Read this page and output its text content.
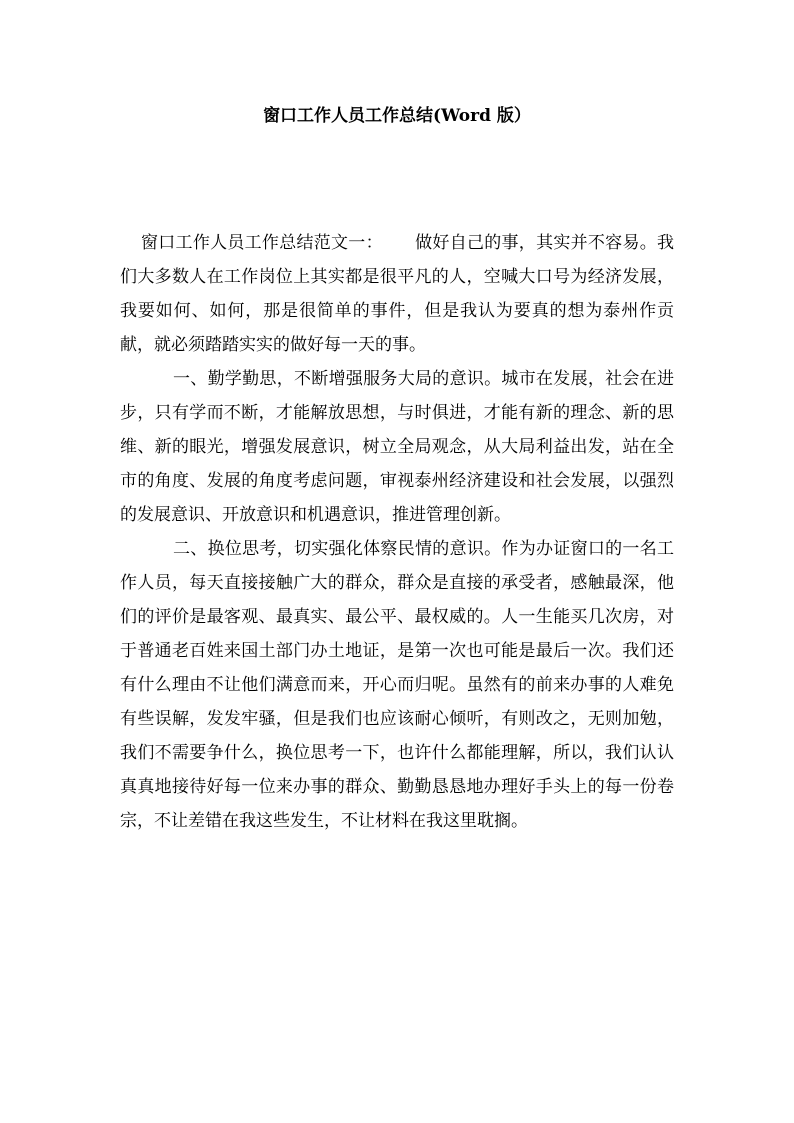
窗口工作人员工作总结(Word 版）

窗口工作人员工作总结范文一： 做好自己的事，其实并不容易。我们大多数人在工作岗位上其实都是很平凡的人，空喊大口号为经济发展，我要如何、如何，那是很简单的事件，但是我认为要真的想为泰州作贡献，就必须踏踏实实的做好每一天的事。

一、勤学勤思，不断增强服务大局的意识。城市在发展，社会在进步，只有学而不断，才能解放思想，与时俱进，才能有新的理念、新的思维、新的眼光，增强发展意识，树立全局观念，从大局利益出发，站在全市的角度、发展的角度考虑问题，审视泰州经济建设和社会发展，以强烈的发展意识、开放意识和机遇意识，推进管理创新。

二、换位思考，切实强化体察民情的意识。作为办证窗口的一名工作人员，每天直接接触广大的群众，群众是直接的承受者，感触最深，他们的评价是最客观、最真实、最公平、最权威的。人一生能买几次房，对于普通老百姓来国土部门办土地证，是第一次也可能是最后一次。我们还有什么理由不让他们满意而来，开心而归呢。虽然有的前来办事的人难免有些误解，发发牢骚，但是我们也应该耐心倾听，有则改之，无则加勉，我们不需要争什么，换位思考一下，也许什么都能理解，所以，我们认认真真地接待好每一位来办事的群众、勤勤恳恳地办理好手头上的每一份卷宗，不让差错在我这些发生，不让材料在我这里耽搁。
